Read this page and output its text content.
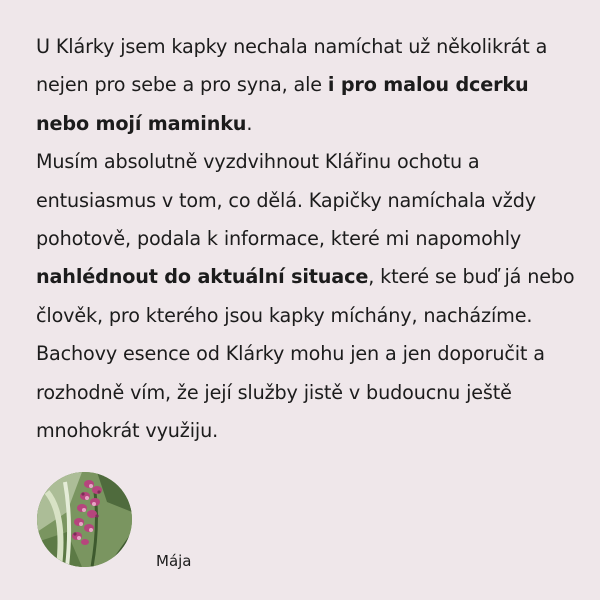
U Klárky jsem kapky nechala namíchat už několikrát a nejen pro sebe a pro syna, ale i pro malou dcerku nebo mojí maminku.

Musím absolutně vyzdvihnout Klářinu ochotu a entusiasmus v tom, co dělá. Kapičky namíchala vždy pohotově, podala k informace, které mi napomohly nahlédnout do aktuální situace, které se buď já nebo člověk, pro kterého jsou kapky míchány, nacházíme. Bachovy esence od Klárky mohu jen a jen doporučit a rozhodně vím, že její služby jistě v budoucnu ještě mnohokrát využiju.

Mája
